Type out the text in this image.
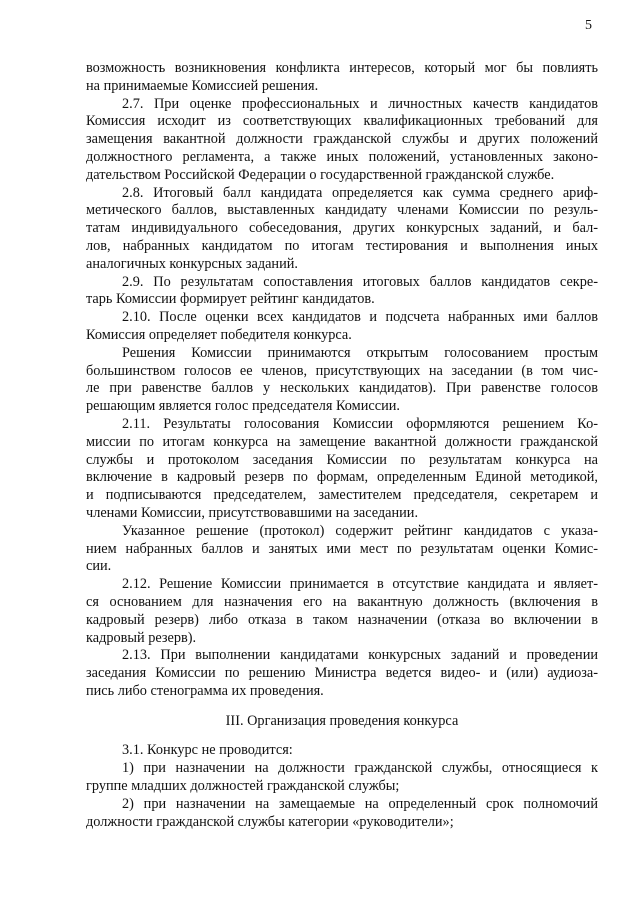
5
возможность возникновения конфликта интересов, который мог бы повлиять
на принимаемые Комиссией решения.
2.7. При оценке профессиональных и личностных качеств кандидатов
Комиссия исходит из соответствующих квалификационных требований для
замещения вакантной должности гражданской службы и других положений
должностного регламента, а также иных положений, установленных законо-
дательством Российской Федерации о государственной гражданской службе.
2.8. Итоговый балл кандидата определяется как сумма среднего ариф-
метического баллов, выставленных кандидату членами Комиссии по резуль-
татам индивидуального собеседования, других конкурсных заданий, и бал-
лов, набранных кандидатом по итогам тестирования и выполнения иных
аналогичных конкурсных заданий.
2.9. По результатам сопоставления итоговых баллов кандидатов секре-
тарь Комиссии формирует рейтинг кандидатов.
2.10. После оценки всех кандидатов и подсчета набранных ими баллов
Комиссия определяет победителя конкурса.
Решения Комиссии принимаются открытым голосованием простым
большинством голосов ее членов, присутствующих на заседании (в том чис-
ле при равенстве баллов у нескольких кандидатов). При равенстве голосов
решающим является голос председателя Комиссии.
2.11. Результаты голосования Комиссии оформляются решением Ко-
миссии по итогам конкурса на замещение вакантной должности гражданской
службы и протоколом заседания Комиссии по результатам конкурса на
включение в кадровый резерв по формам, определенным Единой методикой,
и подписываются председателем, заместителем председателя, секретарем и
членами Комиссии, присутствовавшими на заседании.
Указанное решение (протокол) содержит рейтинг кандидатов с указа-
нием набранных баллов и занятых ими мест по результатам оценки Комис-
сии.
2.12. Решение Комиссии принимается в отсутствие кандидата и являет-
ся основанием для назначения его на вакантную должность (включения в
кадровый резерв) либо отказа в таком назначении (отказа во включении в
кадровый резерв).
2.13. При выполнении кандидатами конкурсных заданий и проведении
заседания Комиссии по решению Министра ведется видео- и (или) аудиоза-
пись либо стенограмма их проведения.
III. Организация проведения конкурса
3.1. Конкурс не проводится:
1) при назначении на должности гражданской службы, относящиеся к
группе младших должностей гражданской службы;
2) при назначении на замещаемые на определенный срок полномочий
должности гражданской службы категории «руководители»;
